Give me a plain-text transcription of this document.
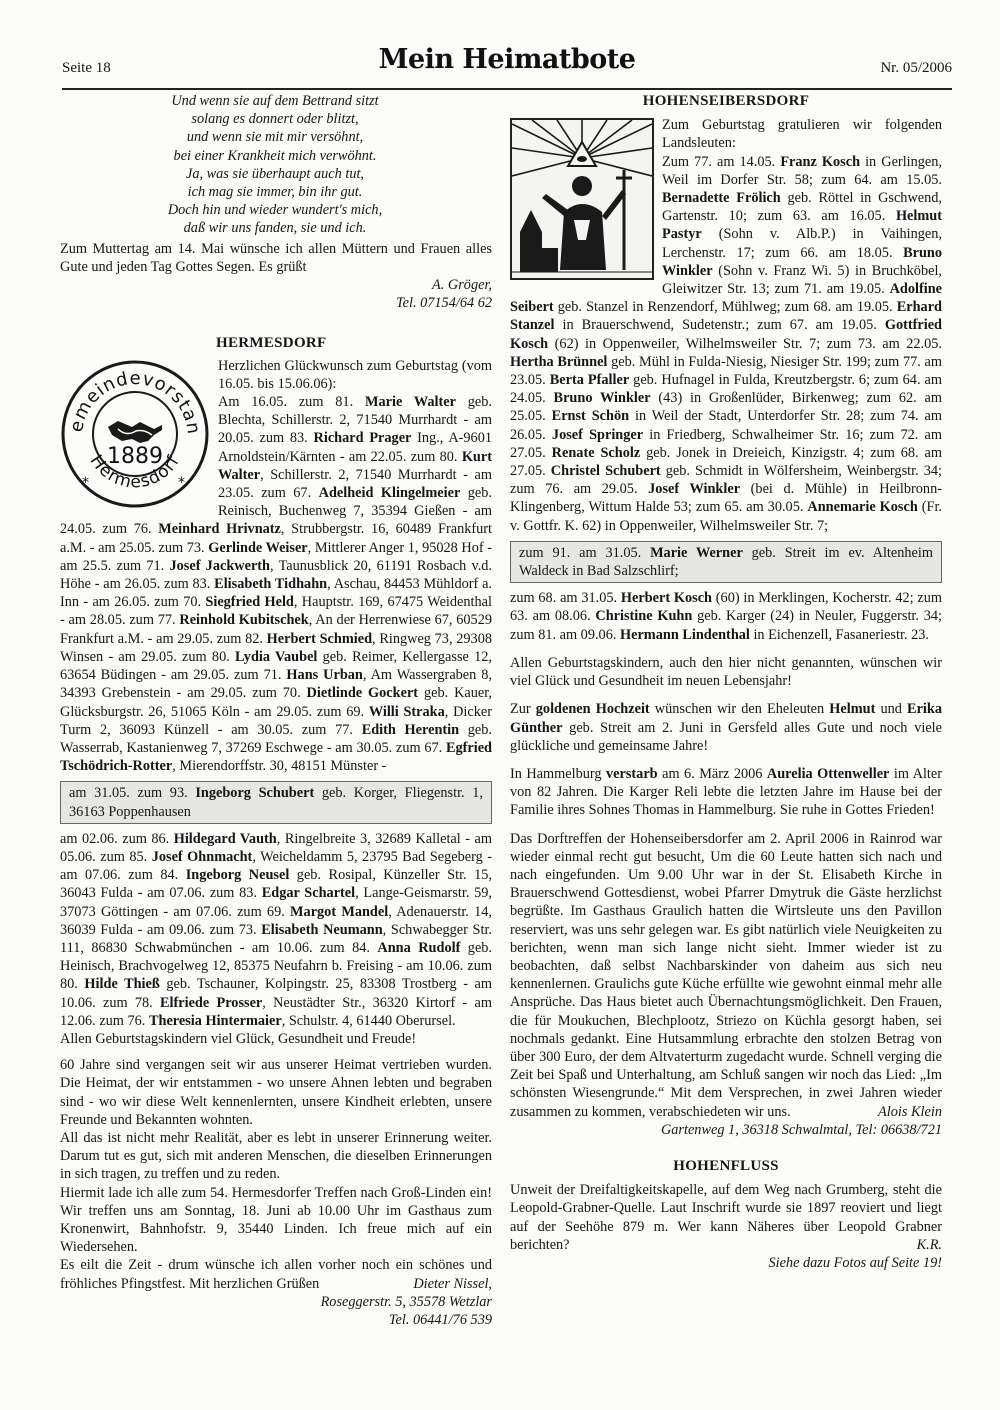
Seite 18	Mein Heimatbote	Nr. 05/2006
Und wenn sie auf dem Bettrand sitzt
solang es donnert oder blitzt,
und wenn sie mit mir versöhnt,
bei einer Krankheit mich verwöhnt.
Ja, was sie überhaupt auch tut,
ich mag sie immer, bin ihr gut.
Doch hin und wieder wundert's mich,
daß wir uns fanden, sie und ich.

Zum Muttertag am 14. Mai wünsche ich allen Müttern und Frauen alles Gute und jeden Tag Gottes Segen. Es grüßt

A. Gröger,
Tel. 07154/64 62
HERMESDORF
emeindevorstan
1889
Hermesdorf
*	*

Herzlichen Glückwunsch zum Geburtstag (vom 16.05. bis 15.06.06):

Am 16.05. zum 81. Marie Walter geb. Blechta, Schillerstr. 2, 71540 Murrhardt - am 20.05. zum 83. Richard Prager Ing., A-9601 Arnoldstein/Kärnten - am 22.05. zum 80. Kurt Walter, Schillerstr. 2, 71540 Murrhardt - am 23.05. zum 67. Adelheid Klingelmeier geb. Reinisch, Buchenweg 7, 35394 Gießen - am 24.05. zum 76. Meinhard Hrivnatz, Strubbergstr. 16, 60489 Frankfurt a.M. - am 25.05. zum 73. Gerlinde Weiser, Mittlerer Anger 1, 95028 Hof - am 25.5. zum 71. Josef Jackwerth, Taunusblick 20, 61191 Rosbach v.d. Höhe - am 26.05. zum 83. Elisabeth Tidhahn, Aschau, 84453 Mühldorf a. Inn - am 26.05. zum 70. Siegfried Held, Hauptstr. 169, 67475 Weidenthal - am 28.05. zum 77. Reinhold Kubitschek, An der Herrenwiese 67, 60529 Frankfurt a.M. - am 29.05. zum 82. Herbert Schmied, Ringweg 73, 29308 Winsen - am 29.05. zum 80. Lydia Vaubel geb. Reimer, Kellergasse 12, 63654 Büdingen - am 29.05. zum 71. Hans Urban, Am Wassergraben 8, 34393 Grebenstein - am 29.05. zum 70. Dietlinde Gockert geb. Kauer, Glücksburgstr. 26, 51065 Köln - am 29.05. zum 69. Willi Straka, Dicker Turm 2, 36093 Künzell - am 30.05. zum 77. Edith Herentin geb. Wasserrab, Kastanienweg 7, 37269 Eschwege - am 30.05. zum 67. Egfried Tschödrich-Rotter, Mierendorffstr. 30, 48151 Münster -

am 31.05. zum 93. Ingeborg Schubert geb. Korger, Fliegenstr. 1, 36163 Poppenhausen

am 02.06. zum 86. Hildegard Vauth, Ringelbreite 3, 32689 Kalletal - am 05.06. zum 85. Josef Ohnmacht, Weicheldamm 5, 23795 Bad Segeberg - am 07.06. zum 84. Ingeborg Neusel geb. Rosipal, Künzeller Str. 15, 36043 Fulda - am 07.06. zum 83. Edgar Schartel, Lange-Geismarstr. 59, 37073 Göttingen - am 07.06. zum 69. Margot Mandel, Adenauerstr. 14, 36039 Fulda - am 09.06. zum 73. Elisabeth Neumann, Schwabegger Str. 111, 86830 Schwabmünchen - am 10.06. zum 84. Anna Rudolf geb. Heinisch, Brachvogelweg 12, 85375 Neufahrn b. Freising - am 10.06. zum 80. Hilde Thieß geb. Tschauner, Kolpingstr. 25, 83308 Trostberg - am 10.06. zum 78. Elfriede Prosser, Neustädter Str., 36320 Kirtorf - am 12.06. zum 76. Theresia Hintermaier, Schulstr. 4, 61440 Oberursel.

Allen Geburtstagskindern viel Glück, Gesundheit und Freude!

60 Jahre sind vergangen seit wir aus unserer Heimat vertrieben wurden. Die Heimat, der wir entstammen - wo unsere Ahnen lebten und begraben sind - wo wir diese Welt kennenlernten, unsere Kindheit erlebten, unsere Freunde und Bekannten wohnten.

All das ist nicht mehr Realität, aber es lebt in unserer Erinnerung weiter. Darum tut es gut, sich mit anderen Menschen, die dieselben Erinnerungen in sich tragen, zu treffen und zu reden.

Hiermit lade ich alle zum 54. Hermesdorfer Treffen nach Groß-Linden ein! Wir treffen uns am Sonntag, 18. Juni ab 10.00 Uhr im Gasthaus zum Kronenwirt, Bahnhofstr. 9, 35440 Linden. Ich freue mich auf ein Wiedersehen.

Es eilt die Zeit - drum wünsche ich allen vorher noch ein schönes und fröhliches Pfingstfest. Mit herzlichen Grüßen	Dieter Nissel,

Roseggerstr. 5, 35578 Wetzlar
Tel. 06441/76 539
HOHENSEIBERSDORF

Zum Geburtstag gratulieren wir folgenden Landsleuten:

Zum 77. am 14.05. Franz Kosch in Gerlingen, Weil im Dorfer Str. 58; zum 64. am 15.05. Bernadette Frölich geb. Röttel in Gschwend, Gartenstr. 10; zum 63. am 16.05. Helmut Pastyr (Sohn v. Alb.P.) in Vaihingen, Lerchenstr. 17; zum 66. am 18.05. Bruno Winkler (Sohn v. Franz Wi. 5) in Bruchköbel, Gleiwitzer Str. 13; zum 71. am 19.05. Adolfine Seibert geb. Stanzel in Renzendorf, Mühlweg; zum 68. am 19.05. Erhard Stanzel in Brauerschwend, Sudetenstr.; zum 67. am 19.05. Gottfried Kosch (62) in Oppenweiler, Wilhelmsweiler Str. 7; zum 73. am 22.05. Hertha Brünnel geb. Mühl in Fulda-Niesig, Niesiger Str. 199; zum 77. am 23.05. Berta Pfaller geb. Hufnagel in Fulda, Kreutzbergstr. 6; zum 64. am 24.05. Bruno Winkler (43) in Großenlüder, Birkenweg; zum 62. am 25.05. Ernst Schön in Weil der Stadt, Unterdorfer Str. 28; zum 74. am 26.05. Josef Springer in Friedberg, Schwalheimer Str. 16; zum 72. am 27.05. Renate Scholz geb. Jonek in Dreieich, Kinzigstr. 4; zum 68. am 27.05. Christel Schubert geb. Schmidt in Wölfersheim, Weinbergstr. 34; zum 76. am 29.05. Josef Winkler (bei d. Mühle) in Heilbronn-Klingenberg, Wittum Halde 53; zum 65. am 30.05. Annemarie Kosch (Fr. v. Gottfr. K. 62) in Oppenweiler, Wilhelmsweiler Str. 7;

zum 91. am 31.05. Marie Werner geb. Streit im ev. Altenheim Waldeck in Bad Salzschlirf;

zum 68. am 31.05. Herbert Kosch (60) in Merklingen, Kocherstr. 42; zum 63. am 08.06. Christine Kuhn geb. Karger (24) in Neuler, Fuggerstr. 34; zum 81. am 09.06. Hermann Lindenthal in Eichenzell, Fasaneriestr. 23.

Allen Geburtstagskindern, auch den hier nicht genannten, wünschen wir viel Glück und Gesundheit im neuen Lebensjahr!

Zur goldenen Hochzeit wünschen wir den Eheleuten Helmut und Erika Günther geb. Streit am 2. Juni in Gersfeld alles Gute und noch viele glückliche und gemeinsame Jahre!

In Hammelburg verstarb am 6. März 2006 Aurelia Ottenweller im Alter von 82 Jahren. Die Karger Reli lebte die letzten Jahre im Hause bei der Familie ihres Sohnes Thomas in Hammelburg. Sie ruhe in Gottes Frieden!

Das Dorftreffen der Hohenseibersdorfer am 2. April 2006 in Rainrod war wieder einmal recht gut besucht, Um die 60 Leute hatten sich nach und nach eingefunden. Um 9.00 Uhr war in der St. Elisabeth Kirche in Brauerschwend Gottesdienst, wobei Pfarrer Dmytruk die Gäste herzlichst begrüßte. Im Gasthaus Graulich hatten die Wirtsleute uns den Pavillon reserviert, was uns sehr gelegen war. Es gibt natürlich viele Neuigkeiten zu berichten, wenn man sich lange nicht sieht. Immer wieder ist zu beobachten, daß selbst Nachbarskinder von daheim aus sich neu kennenlernen. Graulichs gute Küche erfüllte wie gewohnt einmal mehr alle Ansprüche. Das Haus bietet auch Übernachtungsmöglichkeit. Den Frauen, die für Moukuchen, Blechplootz, Striezo on Küchla gesorgt haben, sei nochmals gedankt. Eine Hutsammlung erbrachte den stolzen Betrag von über 300 Euro, der dem Altvaterturm zugedacht wurde. Schnell verging die Zeit bei Spaß und Unterhaltung, am Schluß sangen wir noch das Lied: „Im schönsten Wiesengrunde.“ Mit dem Versprechen, in zwei Jahren wieder zusammen zu kommen, verabschiedeten wir uns.	Alois Klein

Gartenweg 1, 36318 Schwalmtal, Tel: 06638/721
HOHENFLUSS

Unweit der Dreifaltigkeitskapelle, auf dem Weg nach Grumberg, steht die Leopold-Grabner-Quelle. Laut Inschrift wurde sie 1897 reoviert und liegt auf der Seehöhe 879 m. Wer kann Näheres über Leopold Grabner berichten?	K.R.

Siehe dazu Fotos auf Seite 19!
